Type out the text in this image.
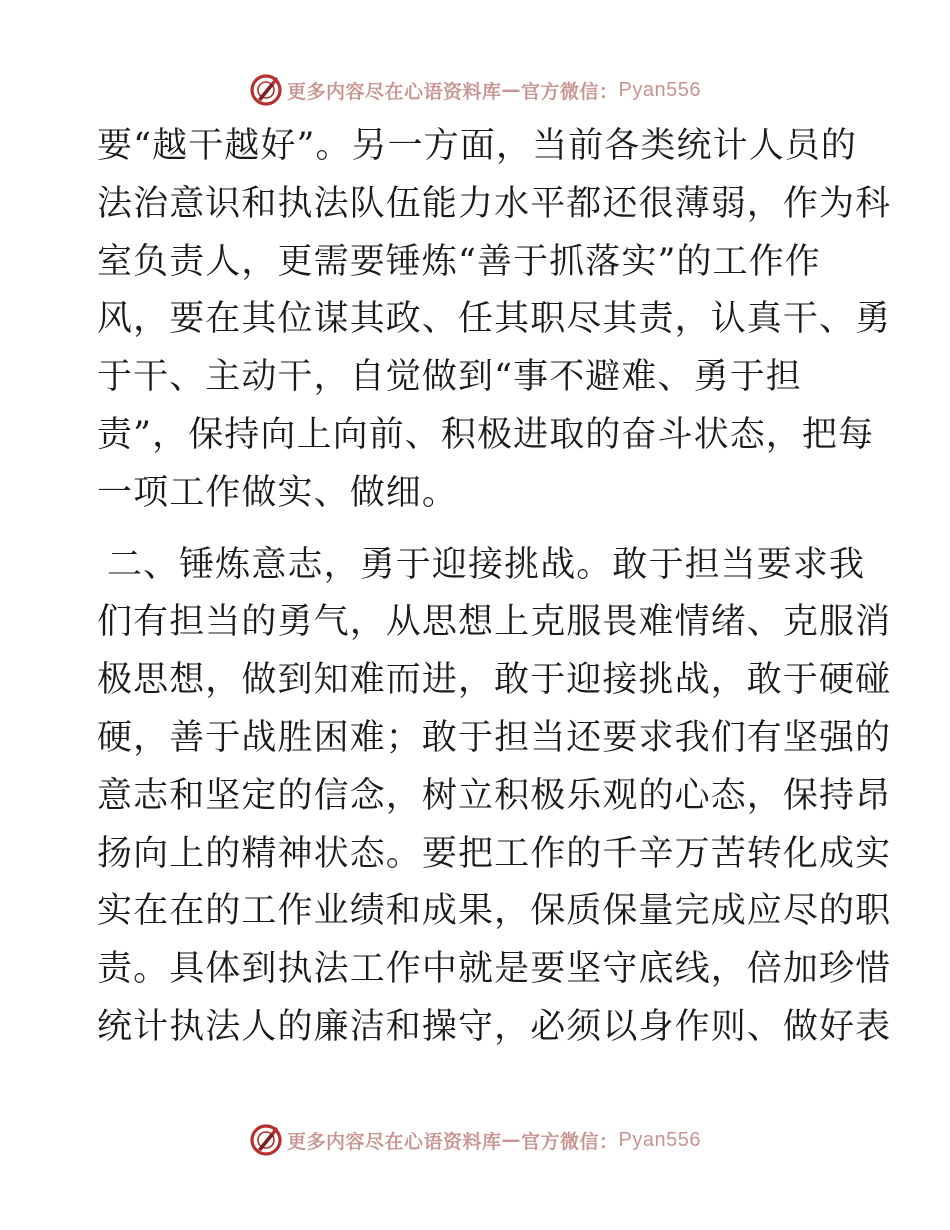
更多内容尽在心语资料库 — 官方微信： Pyan556
要“越干越好”。另一方面，当前各类统计人员的
法治意识和执法队伍能力水平都还很薄弱，作为科
室负责人，更需要锤炼“善于抓落实”的工作作
风，要在其位谋其政、任其职尽其责，认真干、勇
于干、主动干，自觉做到“事不避难、勇于担
责”，保持向上向前、积极进取的奋斗状态，把每
一项工作做实、做细。
二、锤炼意志，勇于迎接挑战。敢于担当要求我
们有担当的勇气，从思想上克服畏难情绪、克服消
极思想，做到知难而进，敢于迎接挑战，敢于硬碰
硬，善于战胜困难；敢于担当还要求我们有坚强的
意志和坚定的信念，树立积极乐观的心态，保持昂
扬向上的精神状态。要把工作的千辛万苦转化成实
实在在的工作业绩和成果，保质保量完成应尽的职
责。具体到执法工作中就是要坚守底线，倍加珍惜
统计执法人的廉洁和操守，必须以身作则、做好表
更多内容尽在心语资料库 — 官方微信： Pyan556
